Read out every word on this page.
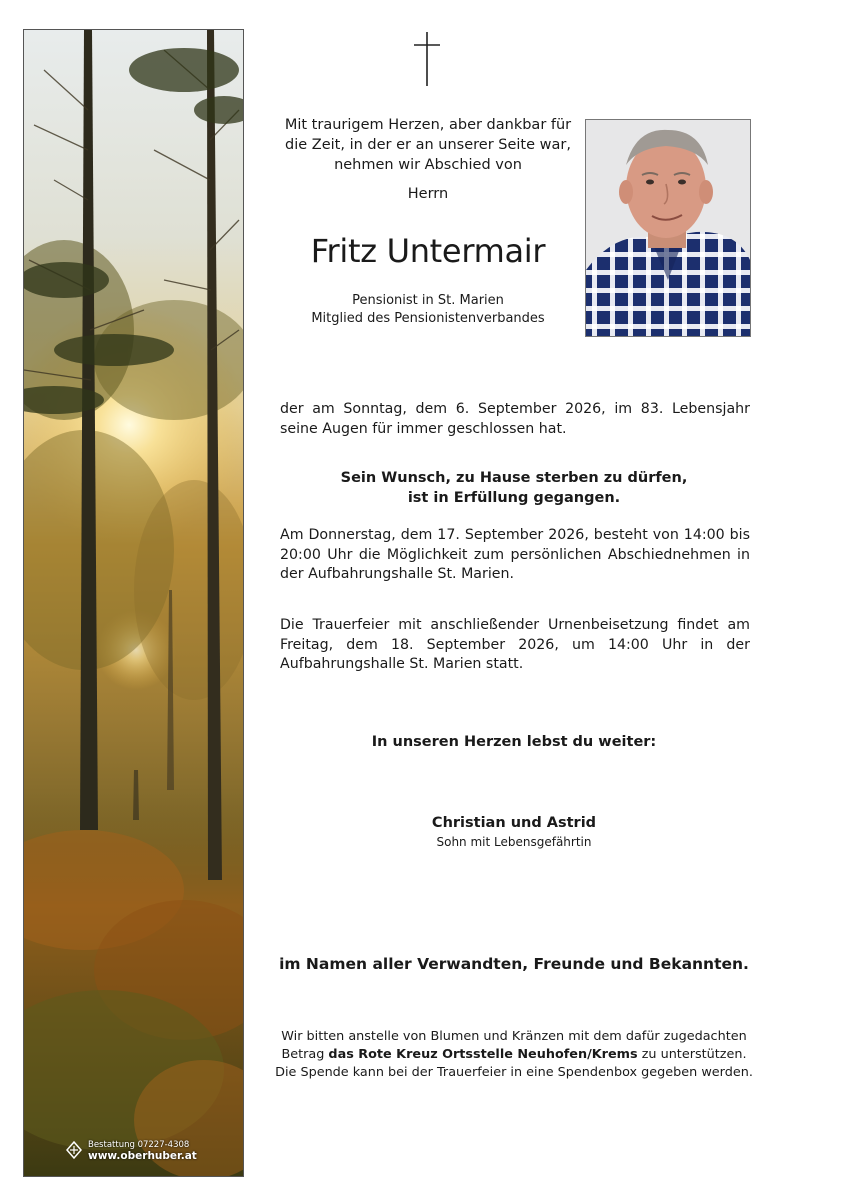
Bestattung 07227-4308
www.oberhuber.at
Mit traurigem Herzen, aber dankbar für die Zeit, in der er an unserer Seite war, nehmen wir Abschied von
Herrn
Fritz Untermair
Pensionist in St. Marien
Mitglied des Pensionistenverbandes
der am Sonntag, dem 6. September 2026, im 83. Lebensjahr seine Augen für immer geschlossen hat.
Sein Wunsch, zu Hause sterben zu dürfen,
ist in Erfüllung gegangen.
Am Donnerstag, dem 17. September 2026, besteht von 14:00 bis 20:00 Uhr die Möglichkeit zum persönlichen Abschiednehmen in der Aufbahrungshalle St. Marien.
Die Trauerfeier mit anschließender Urnenbeisetzung findet am Freitag, dem 18. September 2026, um 14:00 Uhr in der Aufbahrungshalle St. Marien statt.
In unseren Herzen lebst du weiter:
Christian und Astrid
Sohn mit Lebensgefährtin
im Namen aller Verwandten, Freunde und Bekannten.
Wir bitten anstelle von Blumen und Kränzen mit dem dafür zugedachten Betrag das Rote Kreuz Ortsstelle Neuhofen/Krems zu unterstützen. Die Spende kann bei der Trauerfeier in eine Spendenbox gegeben werden.
